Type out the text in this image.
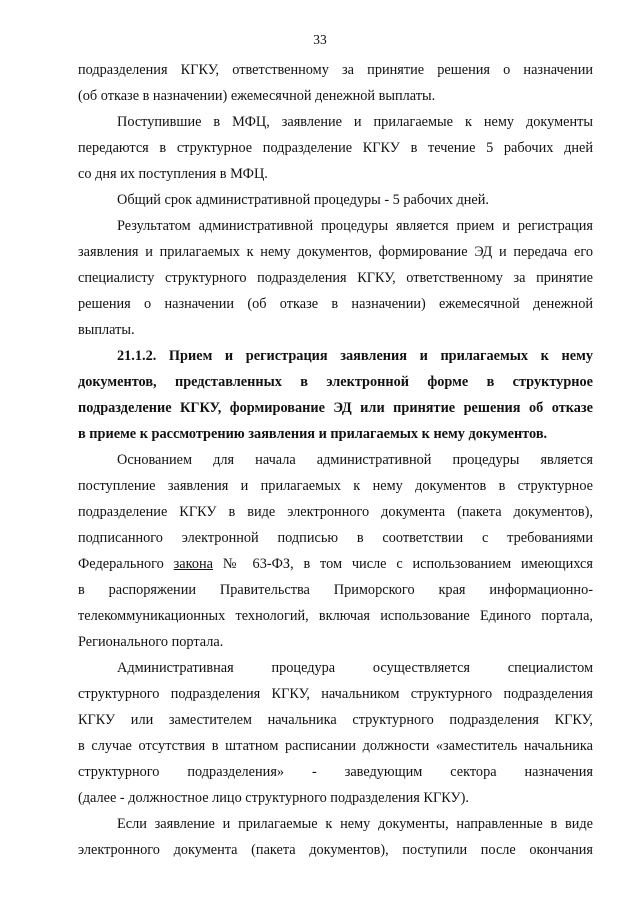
33
подразделения КГКУ, ответственному за принятие решения о назначении
(об отказе в назначении) ежемесячной денежной выплаты.
Поступившие в МФЦ, заявление и прилагаемые к нему документы
передаются в структурное подразделение КГКУ в течение 5 рабочих дней
со дня их поступления в МФЦ.
Общий срок административной процедуры - 5 рабочих дней.
Результатом административной процедуры является прием и регистрация
заявления и прилагаемых к нему документов, формирование ЭД и передача его
специалисту структурного подразделения КГКУ, ответственному за принятие
решения о назначении (об отказе в назначении) ежемесячной денежной
выплаты.
21.1.2. Прием и регистрация заявления и прилагаемых к нему
документов, представленных в электронной форме в структурное
подразделение КГКУ, формирование ЭД или принятие решения об отказе
в приеме к рассмотрению заявления и прилагаемых к нему документов.
Основанием для начала административной процедуры является
поступление заявления и прилагаемых к нему документов в структурное
подразделение КГКУ в виде электронного документа (пакета документов),
подписанного электронной подписью в соответствии с требованиями
Федерального закона № 63-ФЗ, в том числе с использованием имеющихся
в распоряжении Правительства Приморского края информационно-
телекоммуникационных технологий, включая использование Единого портала,
Регионального портала.
Административная процедура осуществляется специалистом
структурного подразделения КГКУ, начальником структурного подразделения
КГКУ или заместителем начальника структурного подразделения КГКУ,
в случае отсутствия в штатном расписании должности «заместитель начальника
структурного подразделения» - заведующим сектора назначения
(далее - должностное лицо структурного подразделения КГКУ).
Если заявление и прилагаемые к нему документы, направленные в виде
электронного документа (пакета документов), поступили после окончания
